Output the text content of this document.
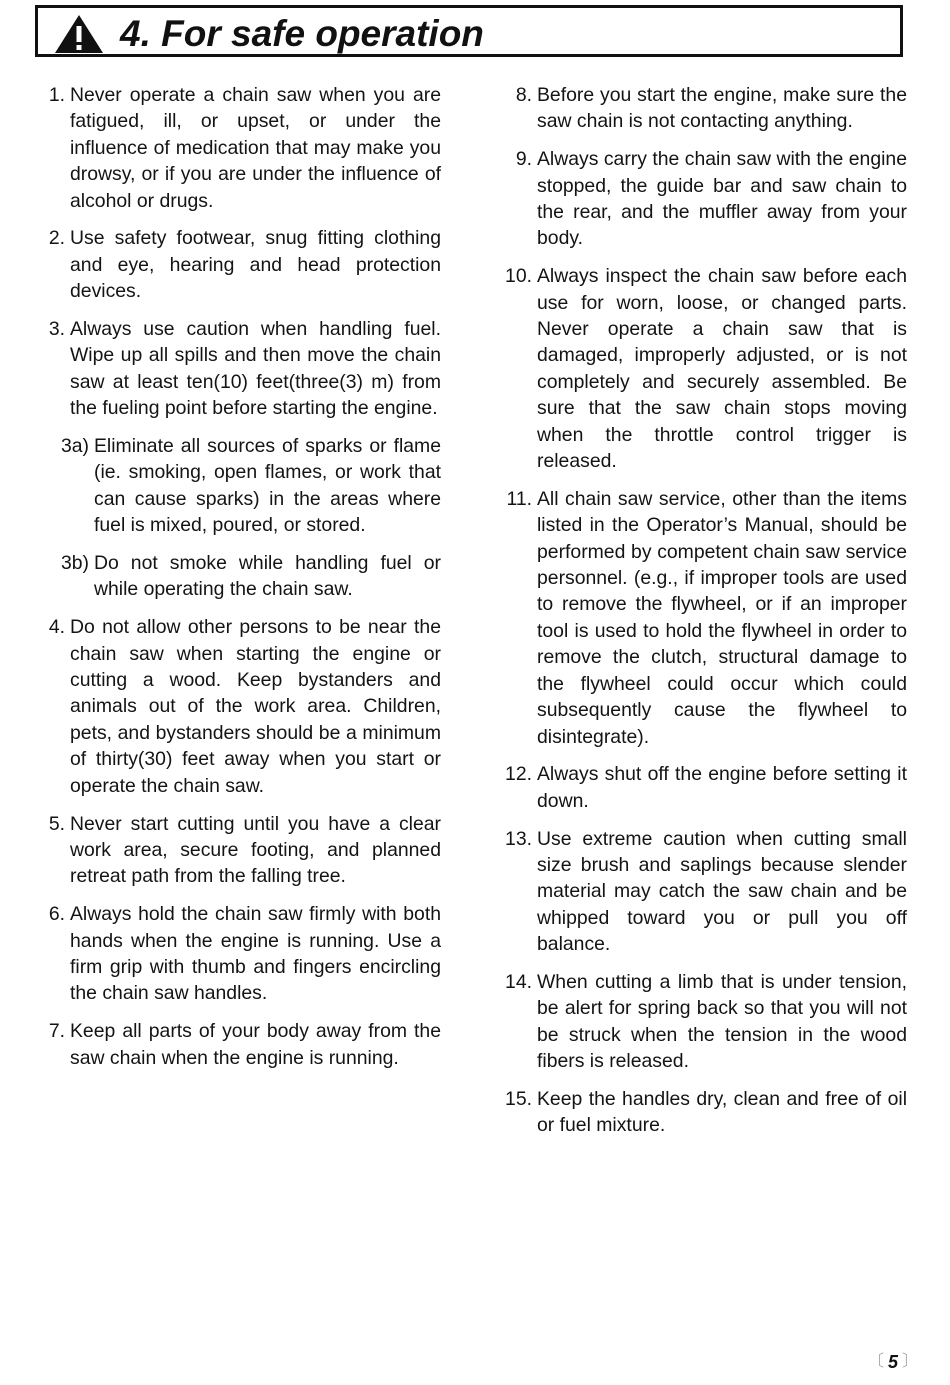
4. For safe operation
1. Never operate a chain saw when you are fatigued, ill, or upset, or under the influence of medication that may make you drowsy, or if you are under the influence of alcohol or drugs.
2. Use safety footwear, snug fitting clothing and eye, hearing and head protection devices.
3. Always use caution when handling fuel. Wipe up all spills and then move the chain saw at least ten(10) feet(three(3) m) from the fueling point before starting the engine.
3a) Eliminate all sources of sparks or flame (ie. smoking, open flames, or work that can cause sparks) in the areas where fuel is mixed, poured, or stored.
3b) Do not smoke while handling fuel or while operating the chain saw.
4. Do not allow other persons to be near the chain saw when starting the engine or cutting a wood. Keep bystanders and animals out of the work area. Children, pets, and bystanders should be a minimum of thirty(30) feet away when you start or operate the chain saw.
5. Never start cutting until you have a clear work area, secure footing, and planned retreat path from the falling tree.
6. Always hold the chain saw firmly with both hands when the engine is running. Use a firm grip with thumb and fingers encircling the chain saw handles.
7. Keep all parts of your body away from the saw chain when the engine is running.
8. Before you start the engine, make sure the saw chain is not contacting anything.
9. Always carry the chain saw with the engine stopped, the guide bar and saw chain to the rear, and the muffler away from your body.
10. Always inspect the chain saw before each use for worn, loose, or changed parts. Never operate a chain saw that is damaged, improperly adjusted, or is not completely and securely assembled. Be sure that the saw chain stops moving when the throttle control trigger is released.
11. All chain saw service, other than the items listed in the Operator’s Manual, should be performed by competent chain saw service personnel. (e.g., if improper tools are used to remove the flywheel, or if an improper tool is used to hold the flywheel in order to remove the clutch, structural damage to the flywheel could occur which could subsequently cause the flywheel to disintegrate).
12. Always shut off the engine before setting it down.
13. Use extreme caution when cutting small size brush and saplings because slender material may catch the saw chain and be whipped toward you or pull you off balance.
14. When cutting a limb that is under tension, be alert for spring back so that you will not be struck when the tension in the wood fibers is released.
15. Keep the handles dry, clean and free of oil or fuel mixture.
〔 5 〕
